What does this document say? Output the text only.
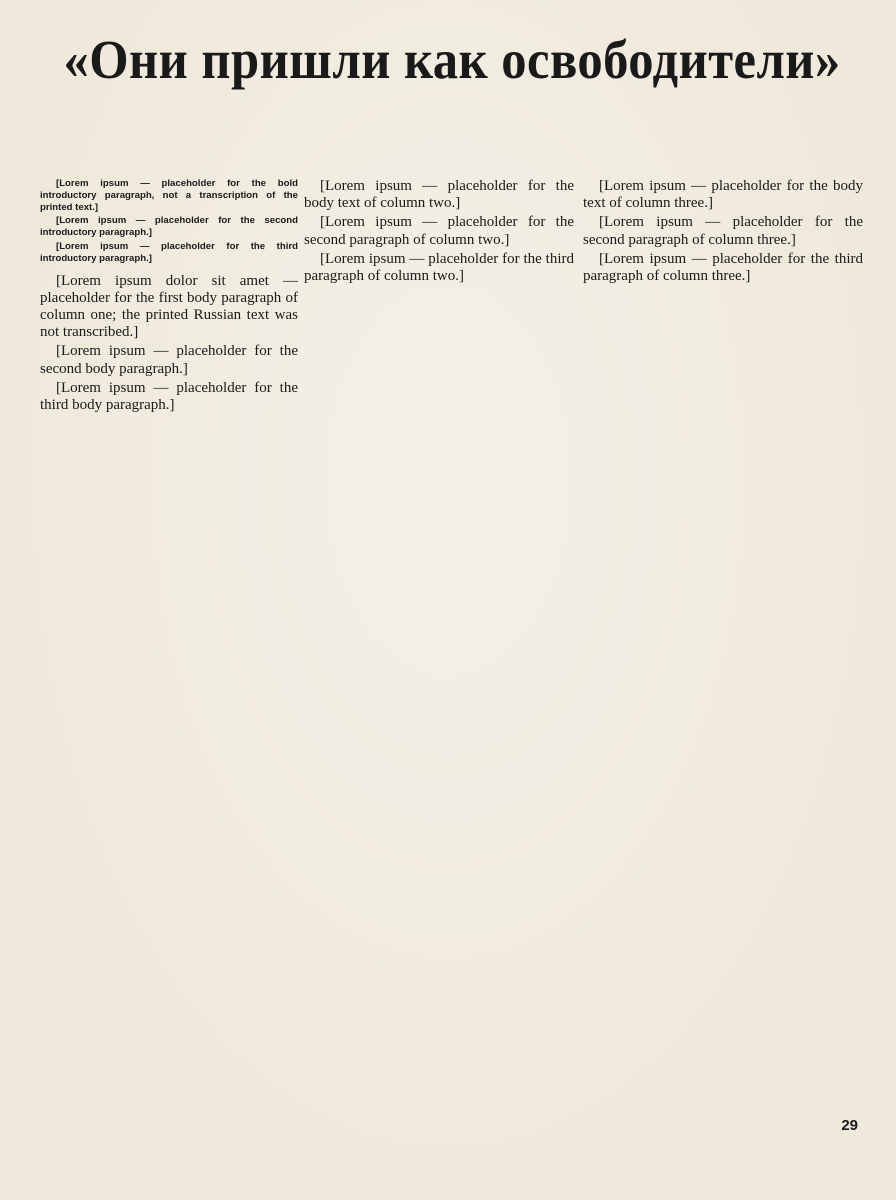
«Они пришли как освободители»

[Lorem ipsum — placeholder for the bold introductory paragraph, not a transcription of the printed text.]

[Lorem ipsum — placeholder for the second introductory paragraph.]

[Lorem ipsum — placeholder for the third introductory paragraph.]

[Lorem ipsum dolor sit amet — placeholder for the first body paragraph of column one; the printed Russian text was not transcribed.]

[Lorem ipsum — placeholder for the second body paragraph.]

[Lorem ipsum — placeholder for the third body paragraph.]

[Lorem ipsum — placeholder for the body text of column two.]

[Lorem ipsum — placeholder for the second paragraph of column two.]

[Lorem ipsum — placeholder for the third paragraph of column two.]

[Lorem ipsum — placeholder for the body text of column three.]

[Lorem ipsum — placeholder for the second paragraph of column three.]

[Lorem ipsum — placeholder for the third paragraph of column three.]

29
